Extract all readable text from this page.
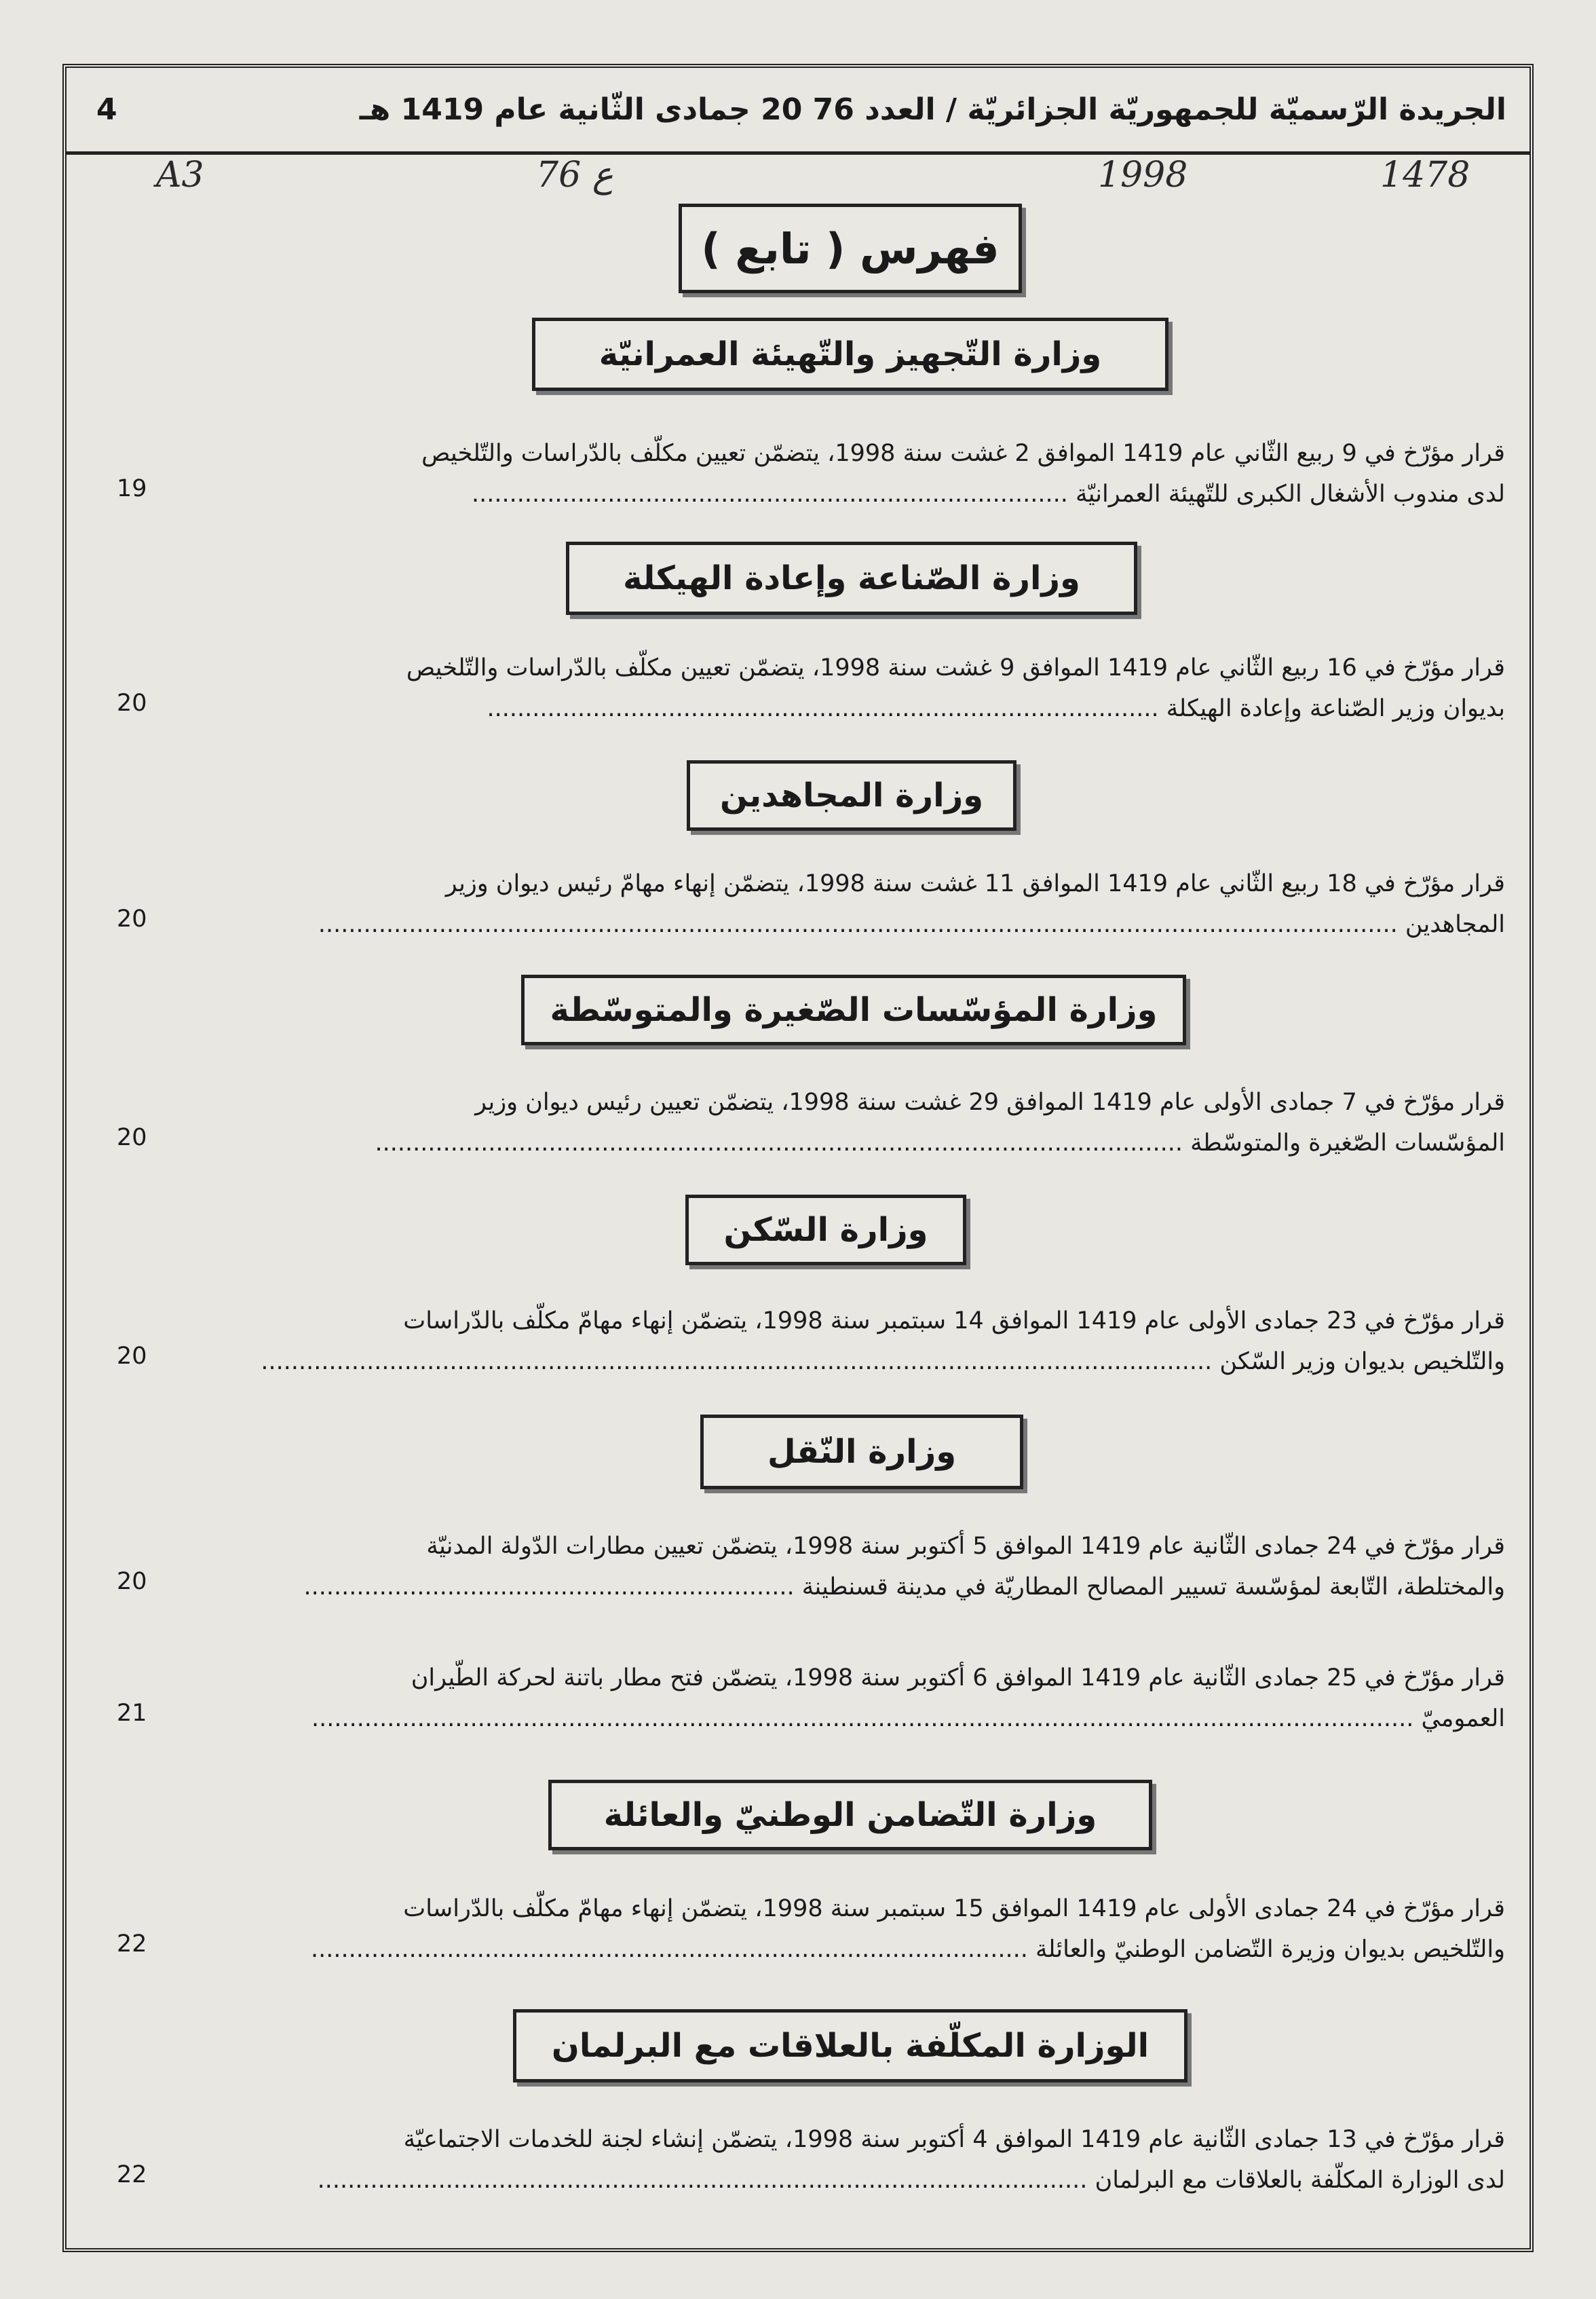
الجريدة الرّسميّة للجمهوريّة الجزائريّة / العدد 76 20 جمادى الثّانية عام 1419 هـ
4
A3	76 ع	1998	1478
فهرس ( تابع )
وزارة التّجهيز والتّهيئة العمرانيّة
قرار مؤرّخ في 9 ربيع الثّاني عام 1419 الموافق 2 غشت سنة 1998، يتضمّن تعيين مكلّف بالدّراسات والتّلخيص
لدى مندوب الأشغال الكبرى للتّهيئة العمرانيّة ...............................................................................
19
وزارة الصّناعة وإعادة الهيكلة
قرار مؤرّخ في 16 ربيع الثّاني عام 1419 الموافق 9 غشت سنة 1998، يتضمّن تعيين مكلّف بالدّراسات والتّلخيص
بديوان وزير الصّناعة وإعادة الهيكلة .........................................................................................
20
وزارة المجاهدين
قرار مؤرّخ في 18 ربيع الثّاني عام 1419 الموافق 11 غشت سنة 1998، يتضمّن إنهاء مهامّ رئيس ديوان وزير
المجاهدين ...............................................................................................................................................
20
وزارة المؤسّسات الصّغيرة والمتوسّطة
قرار مؤرّخ في 7 جمادى الأولى عام 1419 الموافق 29 غشت سنة 1998، يتضمّن تعيين رئيس ديوان وزير
المؤسّسات الصّغيرة والمتوسّطة ...........................................................................................................
20
وزارة السّكن
قرار مؤرّخ في 23 جمادى الأولى عام 1419 الموافق 14 سبتمبر سنة 1998، يتضمّن إنهاء مهامّ مكلّف بالدّراسات
والتّلخيص بديوان وزير السّكن ..............................................................................................................................
20
وزارة النّقل
قرار مؤرّخ في 24 جمادى الثّانية عام 1419 الموافق 5 أكتوبر سنة 1998، يتضمّن تعيين مطارات الدّولة المدنيّة
والمختلطة، التّابعة لمؤسّسة تسيير المصالح المطاريّة في مدينة قسنطينة .................................................................
20
قرار مؤرّخ في 25 جمادى الثّانية عام 1419 الموافق 6 أكتوبر سنة 1998، يتضمّن فتح مطار باتنة لحركة الطّيران
العموميّ ..................................................................................................................................................
21
وزارة التّضامن الوطنيّ والعائلة
قرار مؤرّخ في 24 جمادى الأولى عام 1419 الموافق 15 سبتمبر سنة 1998، يتضمّن إنهاء مهامّ مكلّف بالدّراسات
والتّلخيص بديوان وزيرة التّضامن الوطنيّ والعائلة ...............................................................................................
22
الوزارة المكلّفة بالعلاقات مع البرلمان
قرار مؤرّخ في 13 جمادى الثّانية عام 1419 الموافق 4 أكتوبر سنة 1998، يتضمّن إنشاء لجنة للخدمات الاجتماعيّة
لدى الوزارة المكلّفة بالعلاقات مع البرلمان ......................................................................................................
22
